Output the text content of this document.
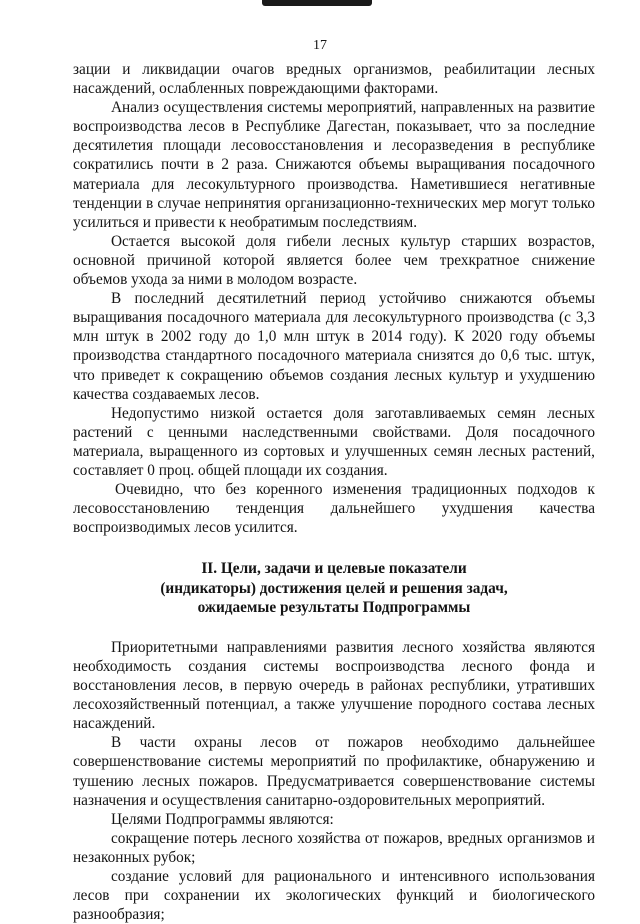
17

зации и ликвидации очагов вредных организмов, реабилитации лесных насаждений, ослабленных повреждающими факторами.

Анализ осуществления системы мероприятий, направленных на развитие воспроизводства лесов в Республике Дагестан, показывает, что за последние десятилетия площади лесовосстановления и лесоразведения в республике сократились почти в 2 раза. Снижаются объемы выращивания посадочного материала для лесокультурного производства. Наметившиеся негативные тенденции в случае непринятия организационно-технических мер могут только усилиться и привести к необратимым последствиям.

Остается высокой доля гибели лесных культур старших возрастов, основной причиной которой является более чем трехкратное снижение объемов ухода за ними в молодом возрасте.

В последний десятилетний период устойчиво снижаются объемы выращивания посадочного материала для лесокультурного производства (с 3,3 млн штук в 2002 году до 1,0 млн штук в 2014 году). К 2020 году объемы производства стандартного посадочного материала снизятся до 0,6 тыс. штук, что приведет к сокращению объемов создания лесных культур и ухудшению качества создаваемых лесов.

Недопустимо низкой остается доля заготавливаемых семян лесных растений с ценными наследственными свойствами. Доля посадочного материала, выращенного из сортовых и улучшенных семян лесных растений, составляет 0 проц. общей площади их создания.

Очевидно, что без коренного изменения традиционных подходов к лесовосстановлению тенденция дальнейшего ухудшения качества воспроизводимых лесов усилится.

II. Цели, задачи и целевые показатели
(индикаторы) достижения целей и решения задач,
ожидаемые результаты Подпрограммы

Приоритетными направлениями развития лесного хозяйства являются необходимость создания системы воспроизводства лесного фонда и восстановления лесов, в первую очередь в районах республики, утративших лесохозяйственный потенциал, а также улучшение породного состава лесных насаждений.

В части охраны лесов от пожаров необходимо дальнейшее совершенствование системы мероприятий по профилактике, обнаружению и тушению лесных пожаров. Предусматривается совершенствование системы назначения и осуществления санитарно-оздоровительных мероприятий.

Целями Подпрограммы являются:

сокращение потерь лесного хозяйства от пожаров, вредных организмов и незаконных рубок;

создание условий для рационального и интенсивного использования лесов при сохранении их экологических функций и биологического разнообразия;
